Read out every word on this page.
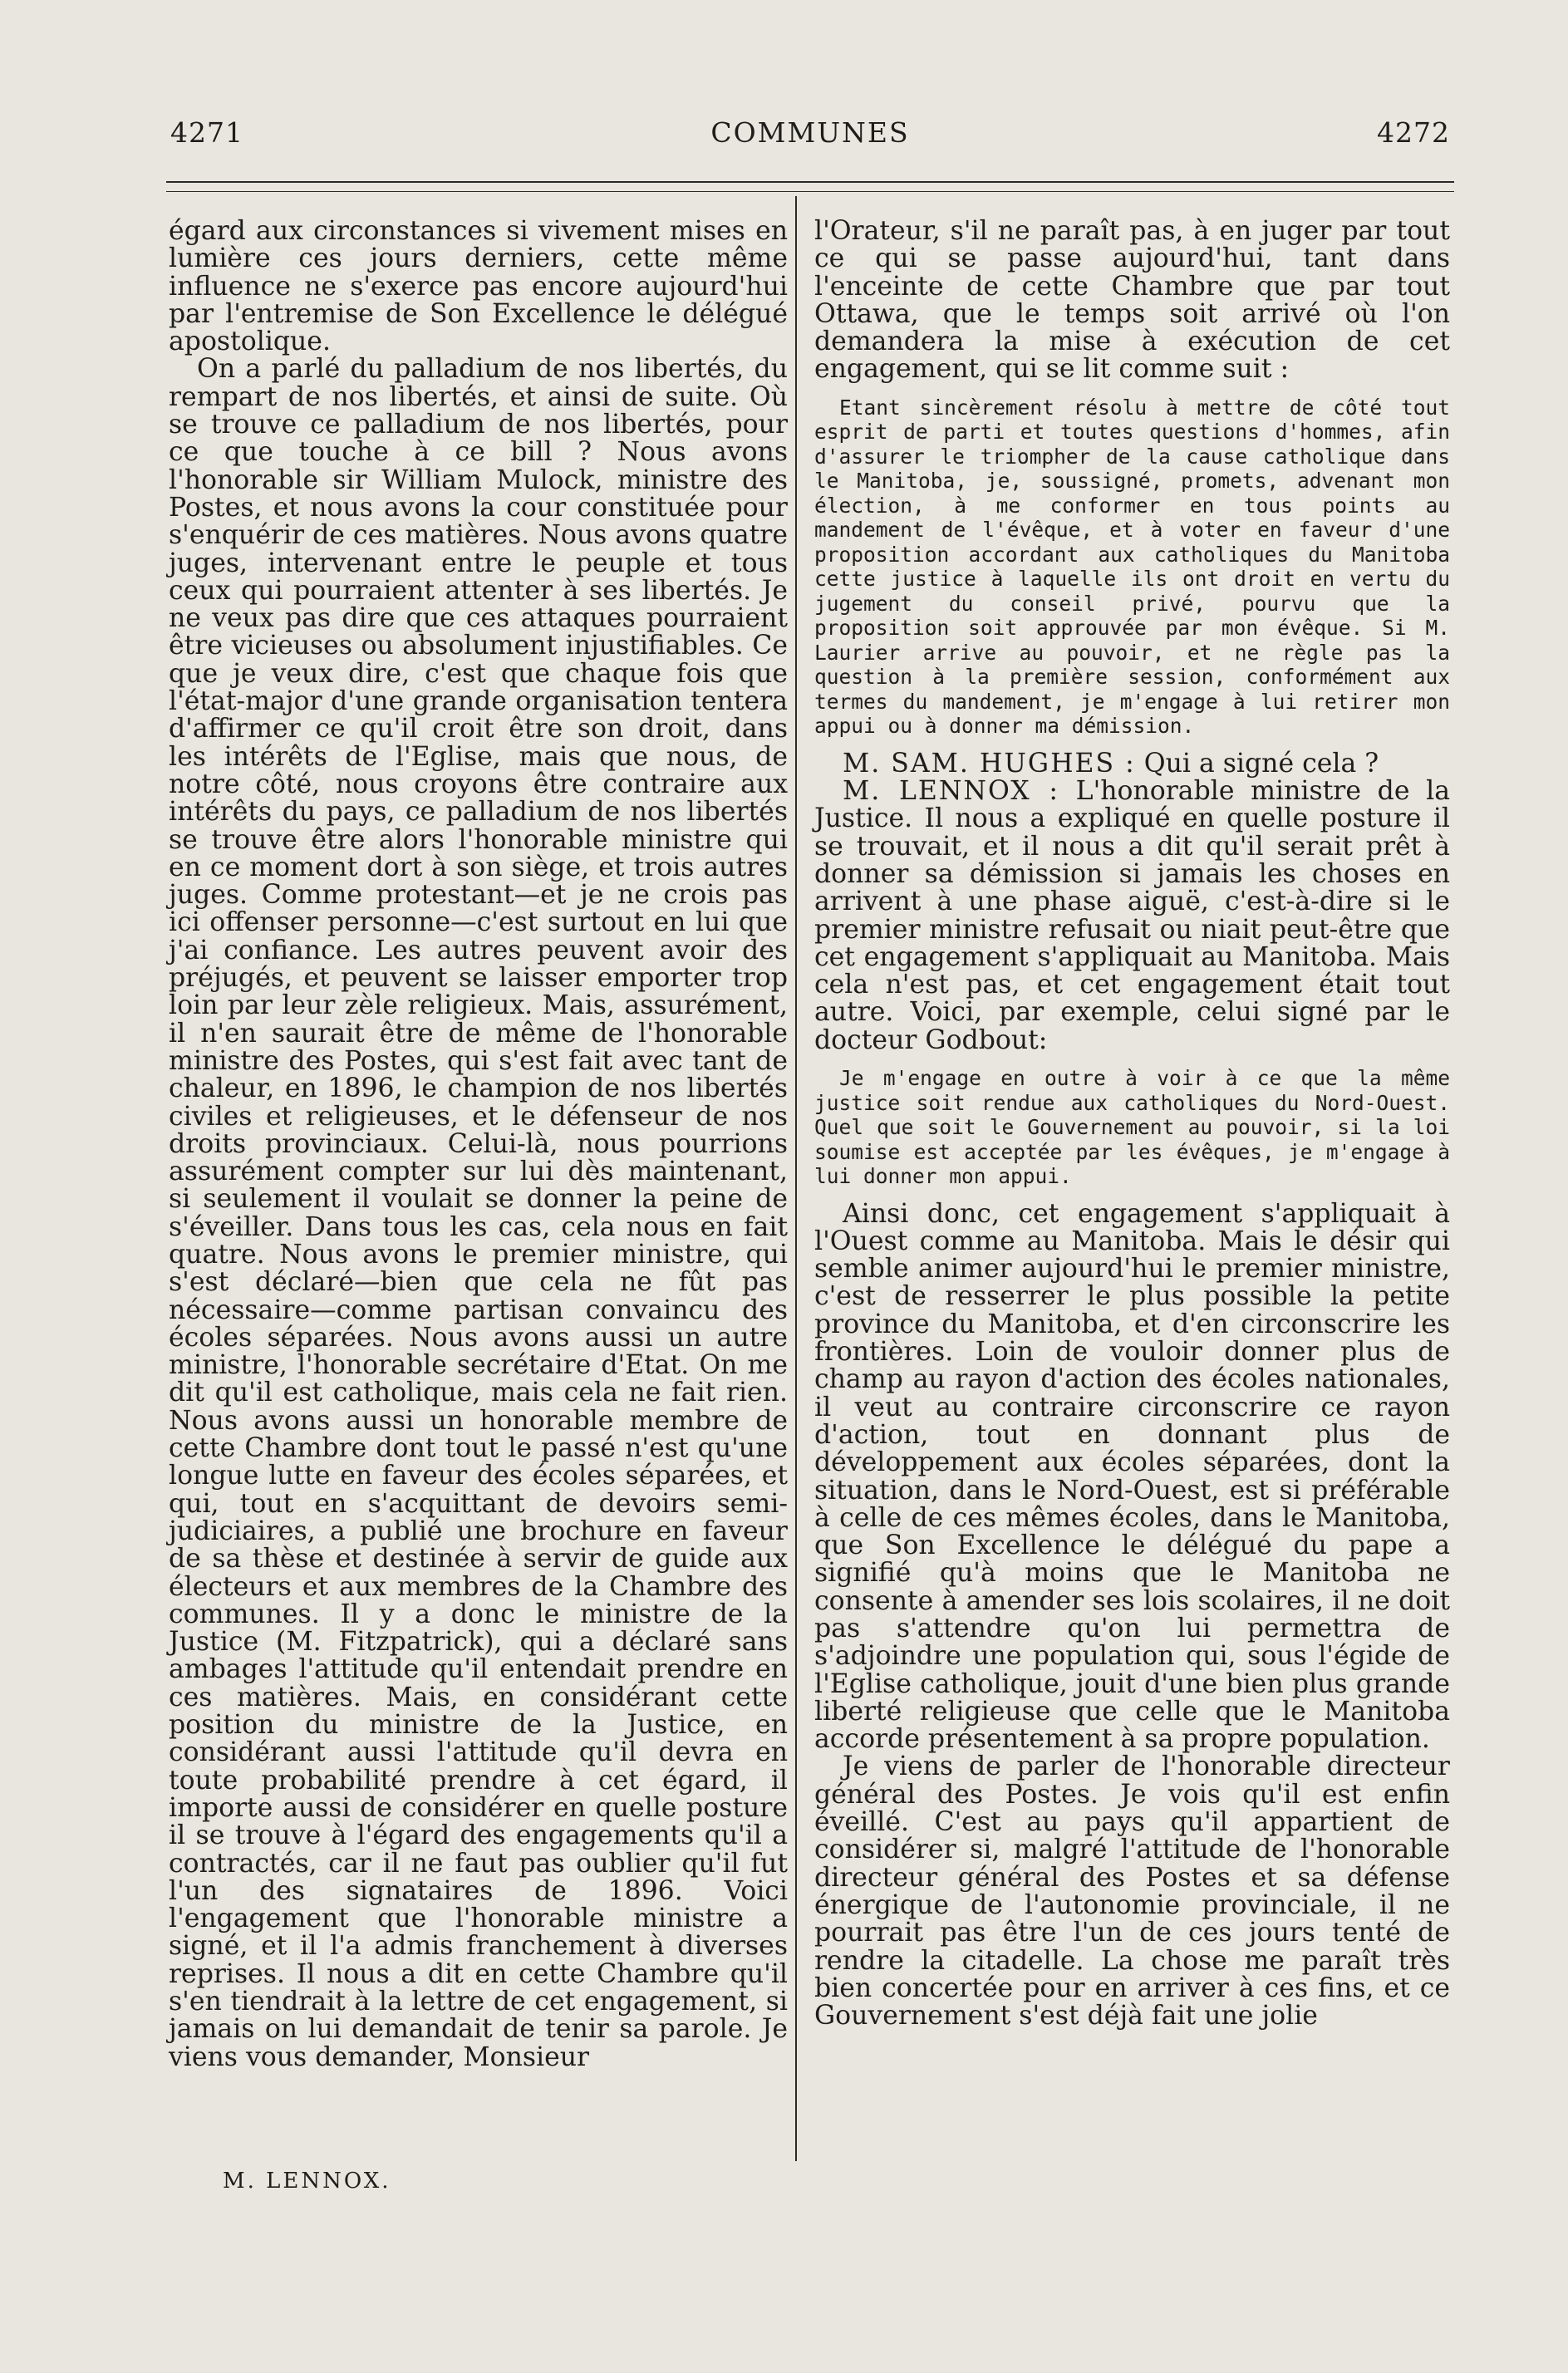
4271	COMMUNES	4272

égard aux circonstances si vivement mises en lumière ces jours derniers, cette même influence ne s'exerce pas encore aujourd'hui par l'entremise de Son Excellence le délégué apostolique.

On a parlé du palladium de nos libertés, du rempart de nos libertés, et ainsi de suite. Où se trouve ce palladium de nos libertés, pour ce que touche à ce bill ? Nous avons l'honorable sir William Mulock, ministre des Postes, et nous avons la cour constituée pour s'enquérir de ces matières. Nous avons quatre juges, intervenant entre le peuple et tous ceux qui pourraient attenter à ses libertés. Je ne veux pas dire que ces attaques pourraient être vicieuses ou absolument injustifiables. Ce que je veux dire, c'est que chaque fois que l'état-major d'une grande organisation tentera d'affirmer ce qu'il croit être son droit, dans les intérêts de l'Eglise, mais que nous, de notre côté, nous croyons être contraire aux intérêts du pays, ce palladium de nos libertés se trouve être alors l'honorable ministre qui en ce moment dort à son siège, et trois autres juges. Comme protestant—et je ne crois pas ici offenser personne—c'est surtout en lui que j'ai confiance. Les autres peuvent avoir des préjugés, et peuvent se laisser emporter trop loin par leur zèle religieux. Mais, assurément, il n'en saurait être de même de l'honorable ministre des Postes, qui s'est fait avec tant de chaleur, en 1896, le champion de nos libertés civiles et religieuses, et le défenseur de nos droits provinciaux. Celui-là, nous pourrions assurément compter sur lui dès maintenant, si seulement il voulait se donner la peine de s'éveiller. Dans tous les cas, cela nous en fait quatre. Nous avons le premier ministre, qui s'est déclaré—bien que cela ne fût pas nécessaire—comme partisan convaincu des écoles séparées. Nous avons aussi un autre ministre, l'honorable secrétaire d'Etat. On me dit qu'il est catholique, mais cela ne fait rien. Nous avons aussi un honorable membre de cette Chambre dont tout le passé n'est qu'une longue lutte en faveur des écoles séparées, et qui, tout en s'acquittant de devoirs semi-judiciaires, a publié une brochure en faveur de sa thèse et destinée à servir de guide aux électeurs et aux membres de la Chambre des communes. Il y a donc le ministre de la Justice (M. Fitzpatrick), qui a déclaré sans ambages l'attitude qu'il entendait prendre en ces matières. Mais, en considérant cette position du ministre de la Justice, en considérant aussi l'attitude qu'il devra en toute probabilité prendre à cet égard, il importe aussi de considérer en quelle posture il se trouve à l'égard des engagements qu'il a contractés, car il ne faut pas oublier qu'il fut l'un des signataires de 1896. Voici l'engagement que l'honorable ministre a signé, et il l'a admis franchement à diverses reprises. Il nous a dit en cette Chambre qu'il s'en tiendrait à la lettre de cet engagement, si jamais on lui demandait de tenir sa parole. Je viens vous demander, Monsieur

l'Orateur, s'il ne paraît pas, à en juger par tout ce qui se passe aujourd'hui, tant dans l'enceinte de cette Chambre que par tout Ottawa, que le temps soit arrivé où l'on demandera la mise à exécution de cet engagement, qui se lit comme suit :

Etant sincèrement résolu à mettre de côté tout esprit de parti et toutes questions d'hommes, afin d'assurer le triompher de la cause catholique dans le Manitoba, je, soussigné, promets, advenant mon élection, à me conformer en tous points au mandement de l'évêque, et à voter en faveur d'une proposition accordant aux catholiques du Manitoba cette justice à laquelle ils ont droit en vertu du jugement du conseil privé, pourvu que la proposition soit approuvée par mon évêque. Si M. Laurier arrive au pouvoir, et ne règle pas la question à la première session, conformément aux termes du mandement, je m'engage à lui retirer mon appui ou à donner ma démission.

M. SAM. HUGHES : Qui a signé cela ?

M. LENNOX : L'honorable ministre de la Justice. Il nous a expliqué en quelle posture il se trouvait, et il nous a dit qu'il serait prêt à donner sa démission si jamais les choses en arrivent à une phase aiguë, c'est-à-dire si le premier ministre refusait ou niait peut-être que cet engagement s'appliquait au Manitoba. Mais cela n'est pas, et cet engagement était tout autre. Voici, par exemple, celui signé par le docteur Godbout:

Je m'engage en outre à voir à ce que la même justice soit rendue aux catholiques du Nord-Ouest. Quel que soit le Gouvernement au pouvoir, si la loi soumise est acceptée par les évêques, je m'engage à lui donner mon appui.

Ainsi donc, cet engagement s'appliquait à l'Ouest comme au Manitoba. Mais le désir qui semble animer aujourd'hui le premier ministre, c'est de resserrer le plus possible la petite province du Manitoba, et d'en circonscrire les frontières. Loin de vouloir donner plus de champ au rayon d'action des écoles nationales, il veut au contraire circonscrire ce rayon d'action, tout en donnant plus de développement aux écoles séparées, dont la situation, dans le Nord-Ouest, est si préférable à celle de ces mêmes écoles, dans le Manitoba, que Son Excellence le délégué du pape a signifié qu'à moins que le Manitoba ne consente à amender ses lois scolaires, il ne doit pas s'attendre qu'on lui permettra de s'adjoindre une population qui, sous l'égide de l'Eglise catholique, jouit d'une bien plus grande liberté religieuse que celle que le Manitoba accorde présentement à sa propre population.

Je viens de parler de l'honorable directeur général des Postes. Je vois qu'il est enfin éveillé. C'est au pays qu'il appartient de considérer si, malgré l'attitude de l'honorable directeur général des Postes et sa défense énergique de l'autonomie provinciale, il ne pourrait pas être l'un de ces jours tenté de rendre la citadelle. La chose me paraît très bien concertée pour en arriver à ces fins, et ce Gouvernement s'est déjà fait une jolie

M. LENNOX.
